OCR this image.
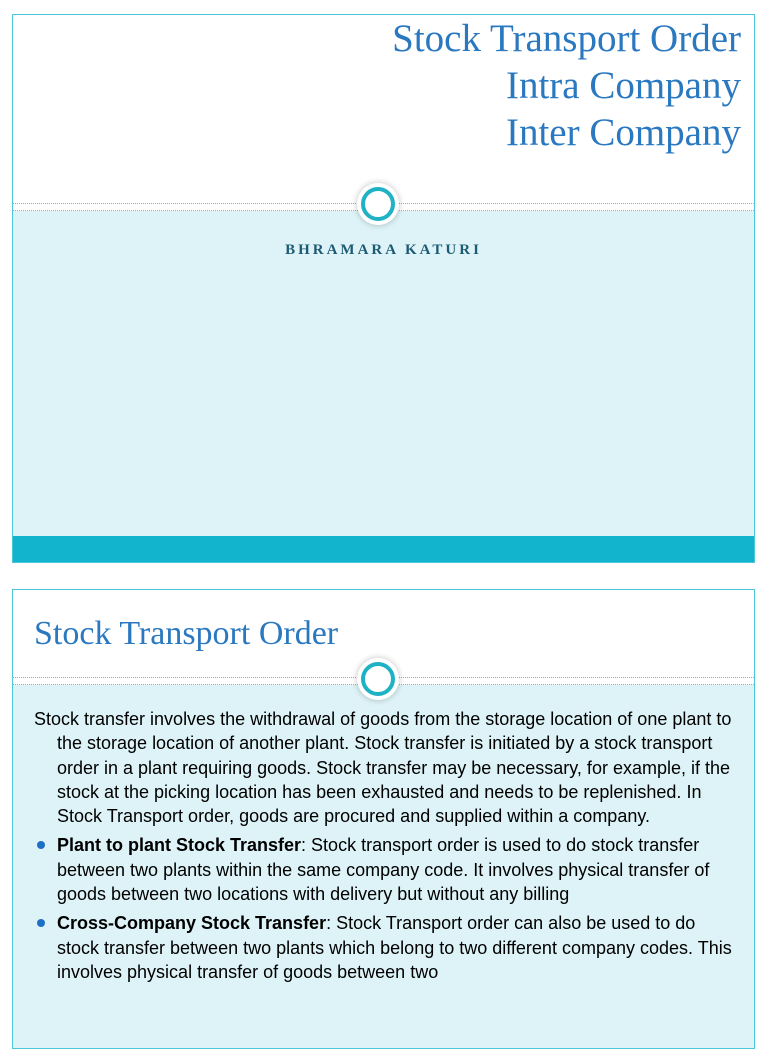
Stock Transport Order
Intra Company
Inter Company
BHRAMARA KATURI
Stock Transport Order

Stock transfer involves the withdrawal of goods from the storage location of one plant to the storage location of another plant. Stock transfer is initiated by a stock transport order in a plant requiring goods. Stock transfer may be necessary, for example, if the stock at the picking location has been exhausted and needs to be replenished. In Stock Transport order, goods are procured and supplied within a company.

Plant to plant Stock Transfer: Stock transport order is used to do stock transfer between two plants within the same company code. It involves physical transfer of goods between two locations with delivery but without any billing
Cross-Company Stock Transfer: Stock Transport order can also be used to do stock transfer between two plants which belong to two different company codes. This involves physical transfer of goods between two
